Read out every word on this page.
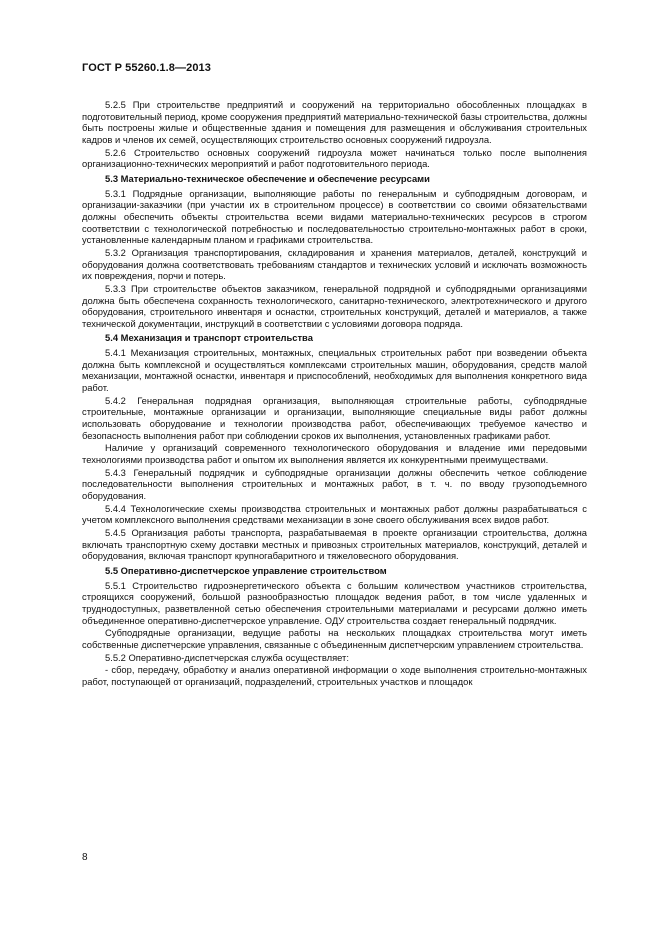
ГОСТ Р 55260.1.8—2013

5.2.5 При строительстве предприятий и сооружений на территориально обособленных площадках в подготовительный период, кроме сооружения предприятий материально-технической базы строительства, должны быть построены жилые и общественные здания и помещения для размещения и обслуживания строительных кадров и членов их семей, осуществляющих строительство основных сооружений гидроузла.

5.2.6 Строительство основных сооружений гидроузла может начинаться только после выполнения организационно-технических мероприятий и работ подготовительного периода.

5.3 Материально-техническое обеспечение и обеспечение ресурсами

5.3.1 Подрядные организации, выполняющие работы по генеральным и субподрядным договорам, и организации-заказчики (при участии их в строительном процессе) в соответствии со своими обязательствами должны обеспечить объекты строительства всеми видами материально-технических ресурсов в строгом соответствии с технологической потребностью и последовательностью строительно-монтажных работ в сроки, установленные календарным планом и графиками строительства.

5.3.2 Организация транспортирования, складирования и хранения материалов, деталей, конструкций и оборудования должна соответствовать требованиям стандартов и технических условий и исключать возможность их повреждения, порчи и потерь.

5.3.3 При строительстве объектов заказчиком, генеральной подрядной и субподрядными организациями должна быть обеспечена сохранность технологического, санитарно-технического, электротехнического и другого оборудования, строительного инвентаря и оснастки, строительных конструкций, деталей и материалов, а также технической документации, инструкций в соответствии с условиями договора подряда.

5.4 Механизация и транспорт строительства

5.4.1 Механизация строительных, монтажных, специальных строительных работ при возведении объекта должна быть комплексной и осуществляться комплексами строительных машин, оборудования, средств малой механизации, монтажной оснастки, инвентаря и приспособлений, необходимых для выполнения конкретного вида работ.

5.4.2 Генеральная подрядная организация, выполняющая строительные работы, субподрядные строительные, монтажные организации и организации, выполняющие специальные виды работ должны использовать оборудование и технологии производства работ, обеспечивающих требуемое качество и безопасность выполнения работ при соблюдении сроков их выполнения, установленных графиками работ.

Наличие у организаций современного технологического оборудования и владение ими передовыми технологиями производства работ и опытом их выполнения является их конкурентными преимуществами.

5.4.3 Генеральный подрядчик и субподрядные организации должны обеспечить четкое соблюдение последовательности выполнения строительных и монтажных работ, в т. ч. по вводу грузоподъемного оборудования.

5.4.4 Технологические схемы производства строительных и монтажных работ должны разрабатываться с учетом комплексного выполнения средствами механизации в зоне своего обслуживания всех видов работ.

5.4.5 Организация работы транспорта, разрабатываемая в проекте организации строительства, должна включать транспортную схему доставки местных и привозных строительных материалов, конструкций, деталей и оборудования, включая транспорт крупногабаритного и тяжеловесного оборудования.

5.5 Оперативно-диспетчерское управление строительством

5.5.1 Строительство гидроэнергетического объекта с большим количеством участников строительства, строящихся сооружений, большой разнообразностью площадок ведения работ, в том числе удаленных и труднодоступных, разветвленной сетью обеспечения строительными материалами и ресурсами должно иметь объединенное оперативно-диспетчерское управление. ОДУ строительства создает генеральный подрядчик.

Субподрядные организации, ведущие работы на нескольких площадках строительства могут иметь собственные диспетчерские управления, связанные с объединенным диспетчерским управлением строительства.

5.5.2 Оперативно-диспетчерская служба осуществляет:

- сбор, передачу, обработку и анализ оперативной информации о ходе выполнения строительно-монтажных работ, поступающей от организаций, подразделений, строительных участков и площадок

8
